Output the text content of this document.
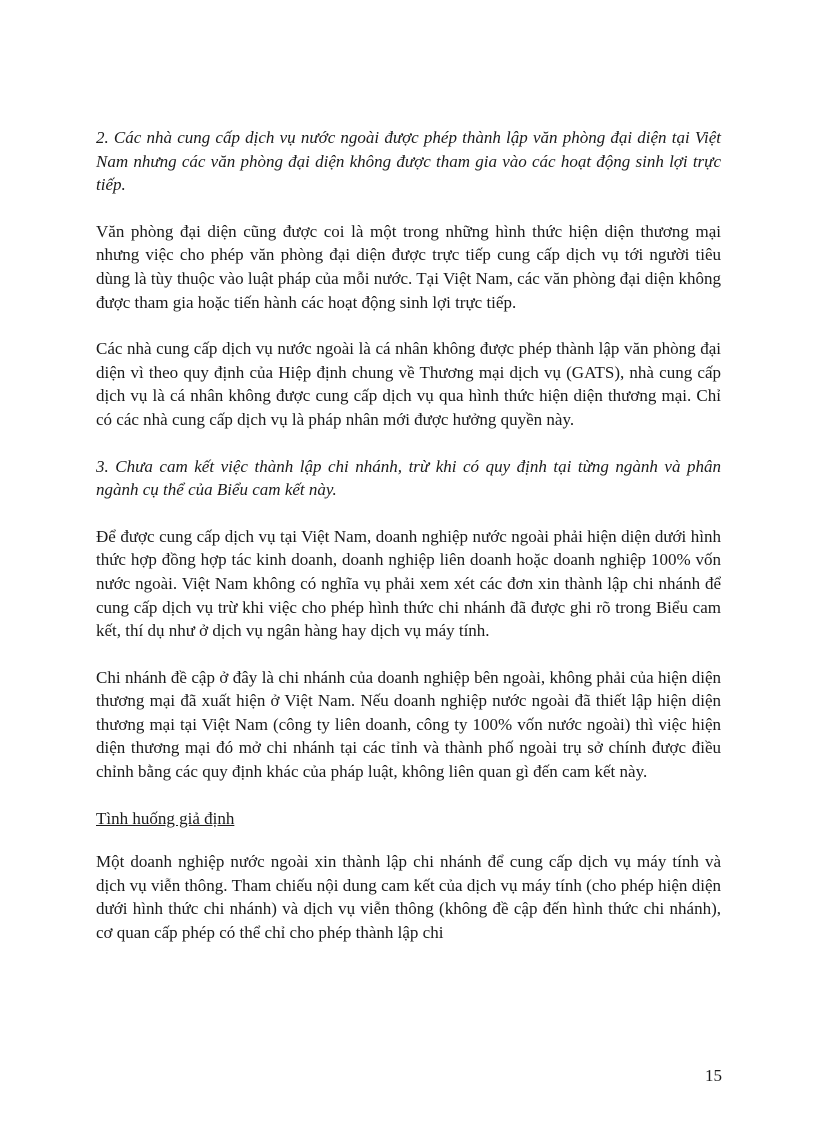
2. Các nhà cung cấp dịch vụ nước ngoài được phép thành lập văn phòng đại diện tại Việt Nam nhưng các văn phòng đại diện không được tham gia vào các hoạt động sinh lợi trực tiếp.

Văn phòng đại diện cũng được coi là một trong những hình thức hiện diện thương mại nhưng việc cho phép văn phòng đại diện được trực tiếp cung cấp dịch vụ tới người tiêu dùng là tùy thuộc vào luật pháp của mỗi nước. Tại Việt Nam, các văn phòng đại diện không được tham gia hoặc tiến hành các hoạt động sinh lợi trực tiếp.

Các nhà cung cấp dịch vụ nước ngoài là cá nhân không được phép thành lập văn phòng đại diện vì theo quy định của Hiệp định chung về Thương mại dịch vụ (GATS), nhà cung cấp dịch vụ là cá nhân không được cung cấp dịch vụ qua hình thức hiện diện thương mại. Chỉ có các nhà cung cấp dịch vụ là pháp nhân mới được hưởng quyền này.

3. Chưa cam kết việc thành lập chi nhánh, trừ khi có quy định tại từng ngành và phân ngành cụ thể của Biểu cam kết này.

Để được cung cấp dịch vụ tại Việt Nam, doanh nghiệp nước ngoài phải hiện diện dưới hình thức hợp đồng hợp tác kinh doanh, doanh nghiệp liên doanh hoặc doanh nghiệp 100% vốn nước ngoài. Việt Nam không có nghĩa vụ phải xem xét các đơn xin thành lập chi nhánh để cung cấp dịch vụ trừ khi việc cho phép hình thức chi nhánh đã được ghi rõ trong Biểu cam kết, thí dụ như ở dịch vụ ngân hàng hay dịch vụ máy tính.

Chi nhánh đề cập ở đây là chi nhánh của doanh nghiệp bên ngoài, không phải của hiện diện thương mại đã xuất hiện ở Việt Nam. Nếu doanh nghiệp nước ngoài đã thiết lập hiện diện thương mại tại Việt Nam (công ty liên doanh, công ty 100% vốn nước ngoài) thì việc hiện diện thương mại đó mở chi nhánh tại các tỉnh và thành phố ngoài trụ sở chính được điều chỉnh bằng các quy định khác của pháp luật, không liên quan gì đến cam kết này.

Tình huống giả định

Một doanh nghiệp nước ngoài xin thành lập chi nhánh để cung cấp dịch vụ máy tính và dịch vụ viễn thông. Tham chiếu nội dung cam kết của dịch vụ máy tính (cho phép hiện diện dưới hình thức chi nhánh) và dịch vụ viễn thông (không đề cập đến hình thức chi nhánh), cơ quan cấp phép có thể chỉ cho phép thành lập chi

15
